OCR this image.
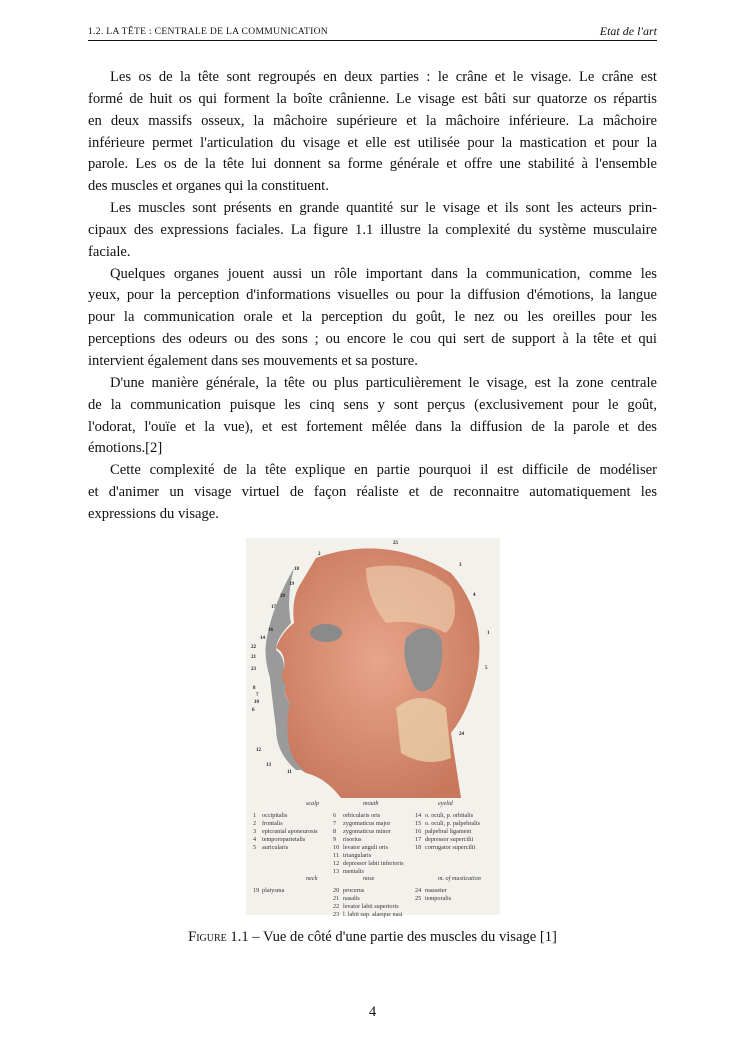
1.2. LA TÊTE : CENTRALE DE LA COMMUNICATION	Etat de l'art
Les os de la tête sont regroupés en deux parties : le crâne et le visage. Le crâne est
formé de huit os qui forment la boîte crânienne. Le visage est bâti sur quatorze os répartis
en deux massifs osseux, la mâchoire supérieure et la mâchoire inférieure. La mâchoire
inférieure permet l'articulation du visage et elle est utilisée pour la mastication et pour la
parole. Les os de la tête lui donnent sa forme générale et offre une stabilité à l'ensemble
des muscles et organes qui la constituent.
Les muscles sont présents en grande quantité sur le visage et ils sont les acteurs prin-
cipaux des expressions faciales. La figure 1.1 illustre la complexité du système musculaire
faciale.
Quelques organes jouent aussi un rôle important dans la communication, comme les
yeux, pour la perception d'informations visuelles ou pour la diffusion d'émotions, la langue
pour la communication orale et la perception du goût, le nez ou les oreilles pour les
perceptions des odeurs ou des sons ; ou encore le cou qui sert de support à la tête et qui
intervient également dans ses mouvements et sa posture.
D'une manière générale, la tête ou plus particulièrement le visage, est la zone centrale
de la communication puisque les cinq sens y sont perçus (exclusivement pour le goût,
l'odorat, l'ouïe et la vue), et est fortement mêlée dans la diffusion de la parole et des
émotions.[2]
Cette complexité de la tête explique en partie pourquoi il est difficile de modéliser
et d'animer un visage virtuel de façon réaliste et de reconnaitre automatiquement les
expressions du visage.
25
2
3
18
19
20	4
17
16
1
14
22
21
23	5
8
7
10
6
24
12
13
11
scalp
1 occipitalis
2 frontalis
3 epicranial aponeurosis
4 temporoparietalis
5 auricularis
mouth
6 orbicularis oris
7 zygomaticus major
8 zygomaticus minor
9 risorius
10 levator anguli oris
11 triangularis
12 depressor labii inferioris
13 mentalis
eyelid
14 o. oculi, p. orbitalis
15 o. oculi, p. palpebralis
16 palpebral ligament
17 depressor supercilii
18 corrugator supercilii
neck
19 platysma
nose
20 procerus
21 nasalis
22 levator labii superioris
23 l. labii sup. alaeque nasi
m. of mastication
24 masseter
25 temporalis
Figure 1.1 – Vue de côté d'une partie des muscles du visage [1]
4
